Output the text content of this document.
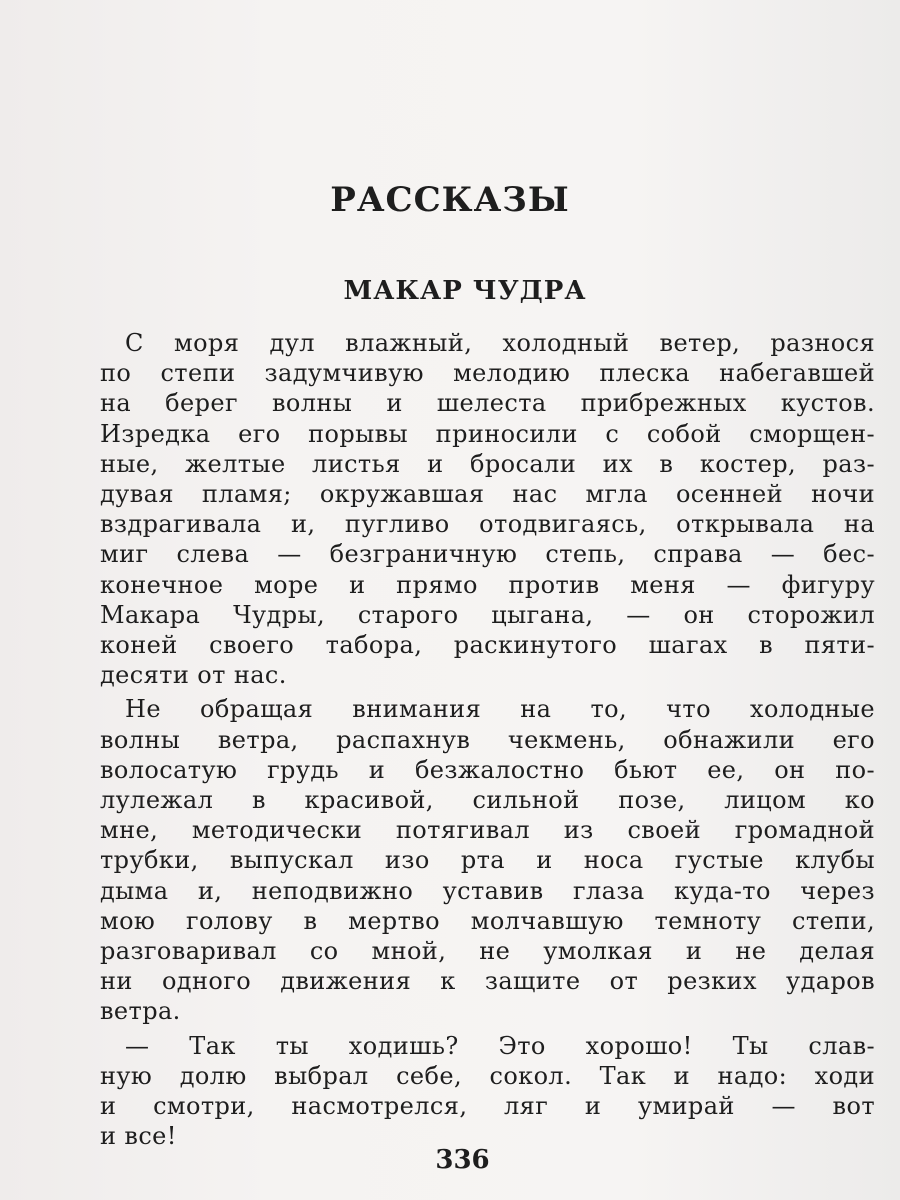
РАССКАЗЫ
МАКАР ЧУДРА
С моря дул влажный, холодный ветер, разнося
по степи задумчивую мелодию плеска набегавшей
на берег волны и шелеста прибрежных кустов.
Изредка его порывы приносили с собой сморщен-
ные, желтые листья и бросали их в костер, раз-
дувая пламя; окружавшая нас мгла осенней ночи
вздрагивала и, пугливо отодвигаясь, открывала на
миг слева — безграничную степь, справа — бес-
конечное море и прямо против меня — фигуру
Макара Чудры, старого цыгана, — он сторожил
коней своего табора, раскинутого шагах в пяти-
десяти от нас.
Не обращая внимания на то, что холодные
волны ветра, распахнув чекмень, обнажили его
волосатую грудь и безжалостно бьют ее, он по-
лулежал в красивой, сильной позе, лицом ко
мне, методически потягивал из своей громадной
трубки, выпускал изо рта и носа густые клубы
дыма и, неподвижно уставив глаза куда-то через
мою голову в мертво молчавшую темноту степи,
разговаривал со мной, не умолкая и не делая
ни одного движения к защите от резких ударов
ветра.
— Так ты ходишь? Это хорошо! Ты слав-
ную долю выбрал себе, сокол. Так и надо: ходи
и смотри, насмотрелся, ляг и умирай — вот
и все!
336
